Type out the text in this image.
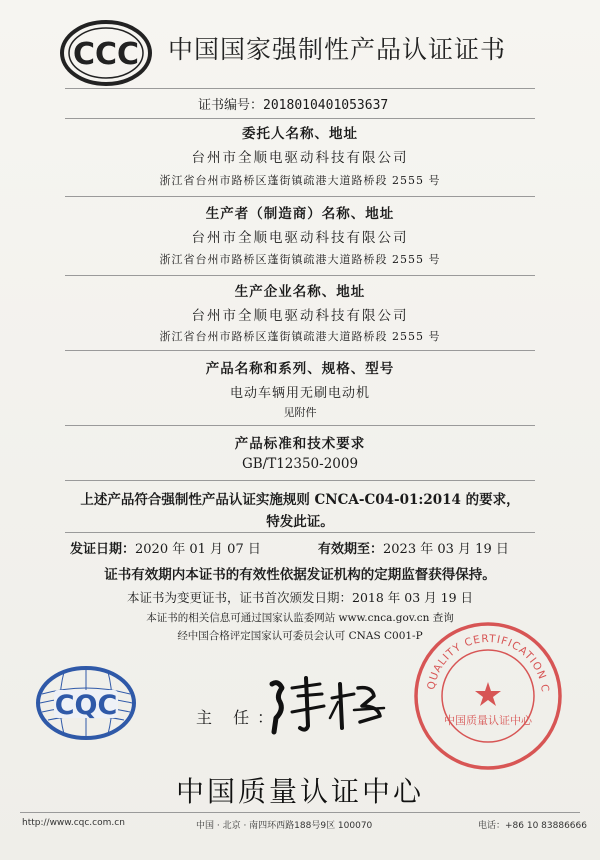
CCC 中国国家强制性产品认证证书
证书编号：2018010401053637
委托人名称、地址
台州市全顺电驱动科技有限公司
浙江省台州市路桥区蓬街镇疏港大道路桥段 2555 号
生产者（制造商）名称、地址
台州市全顺电驱动科技有限公司
浙江省台州市路桥区蓬街镇疏港大道路桥段 2555 号
生产企业名称、地址
台州市全顺电驱动科技有限公司
浙江省台州市路桥区蓬街镇疏港大道路桥段 2555 号
产品名称和系列、规格、型号
电动车辆用无刷电动机
见附件
产品标准和技术要求
GB/T12350-2009
上述产品符合强制性产品认证实施规则 CNCA-C04-01:2014 的要求，
特发此证。
发证日期：2020 年 01 月 07 日	有效期至：2023 年 03 月 19 日
证书有效期内本证书的有效性依据发证机构的定期监督获得保持。
本证书为变更证书，证书首次颁发日期：2018 年 03 月 19 日
本证书的相关信息可通过国家认监委网站 www.cnca.gov.cn 查询
经中国合格评定国家认可委员会认可 CNAS C001-P
CQC	主 任：
QUALITY CERTIFICATION C
中国质量认证中心
中国质量认证中心
http://www.cqc.com.cn	中国 · 北京 · 南四环西路188号9区 100070	电话：+86 10 83886666
